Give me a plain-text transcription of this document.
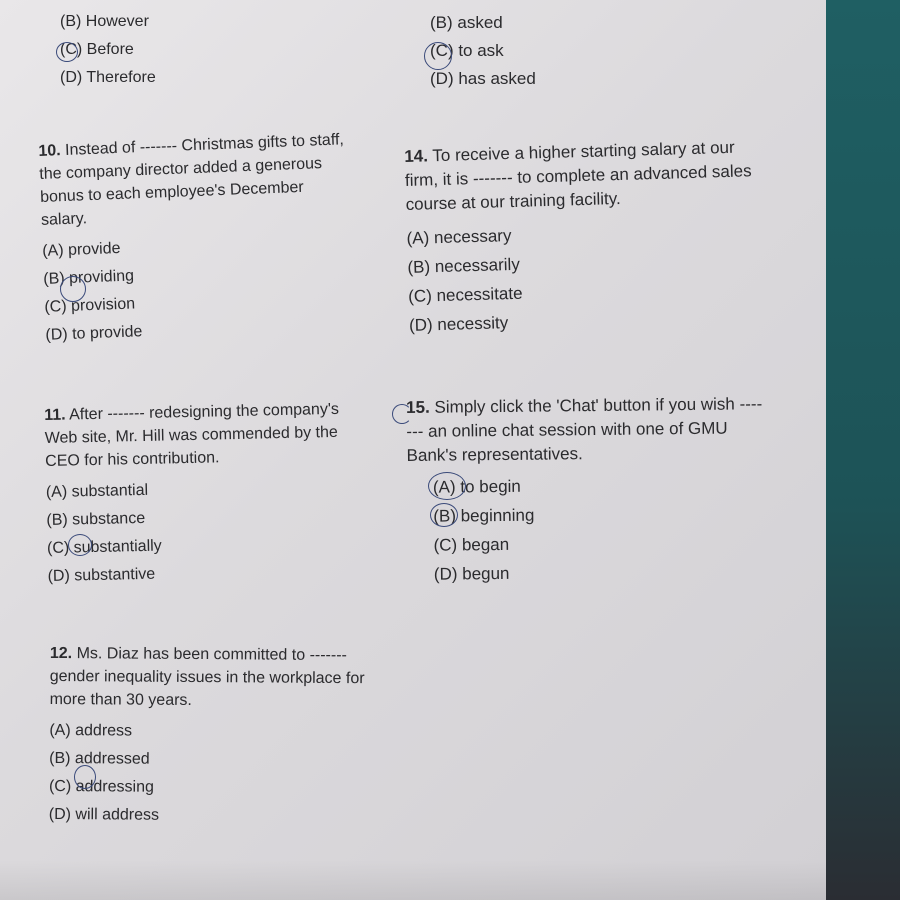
(B) However
(C) Before
(D) Therefore
(B) asked
(C) to ask
(D) has asked
10. Instead of ------- Christmas gifts to staff, the company director added a generous bonus to each employee's December salary.
(A) provide
(B) providing
(C) provision
(D) to provide
14. To receive a higher starting salary at our firm, it is ------- to complete an advanced sales course at our training facility.
(A) necessary
(B) necessarily
(C) necessitate
(D) necessity
11. After ------- redesigning the company's Web site, Mr. Hill was commended by the CEO for his contribution.
(A) substantial
(B) substance
(C) substantially
(D) substantive
15. Simply click the 'Chat' button if you wish ------- an online chat session with one of GMU Bank's representatives.
(A) to begin
(B) beginning
(C) began
(D) begun
12. Ms. Diaz has been committed to ------- gender inequality issues in the workplace for more than 30 years.
(A) address
(B) addressed
(C) addressing
(D) will address
